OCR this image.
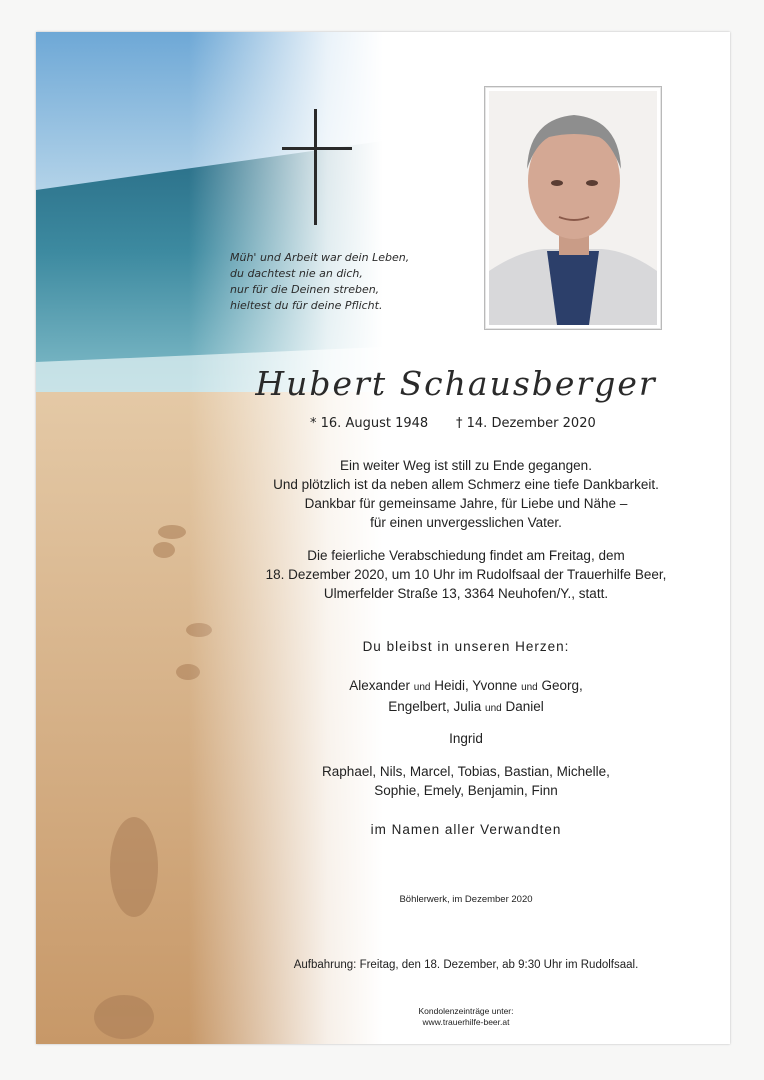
Müh' und Arbeit war dein Leben,
du dachtest nie an dich,
nur für die Deinen streben,
hieltest du für deine Pflicht.
Hubert Schausberger
* 16. August 1948 † 14. Dezember 2020
Ein weiter Weg ist still zu Ende gegangen.
Und plötzlich ist da neben allem Schmerz eine tiefe Dankbarkeit.
Dankbar für gemeinsame Jahre, für Liebe und Nähe –
für einen unvergesslichen Vater.
Die feierliche Verabschiedung findet am Freitag, dem
18. Dezember 2020, um 10 Uhr im Rudolfsaal der Trauerhilfe Beer,
Ulmerfelder Straße 13, 3364 Neuhofen/Y., statt.
Du bleibst in unseren Herzen:
Alexander und Heidi, Yvonne und Georg,
Engelbert, Julia und Daniel
Ingrid
Raphael, Nils, Marcel, Tobias, Bastian, Michelle,
Sophie, Emely, Benjamin, Finn
im Namen aller Verwandten
Böhlerwerk, im Dezember 2020
Aufbahrung: Freitag, den 18. Dezember, ab 9:30 Uhr im Rudolfsaal.
Kondolenzeinträge unter:
www.trauerhilfe-beer.at
